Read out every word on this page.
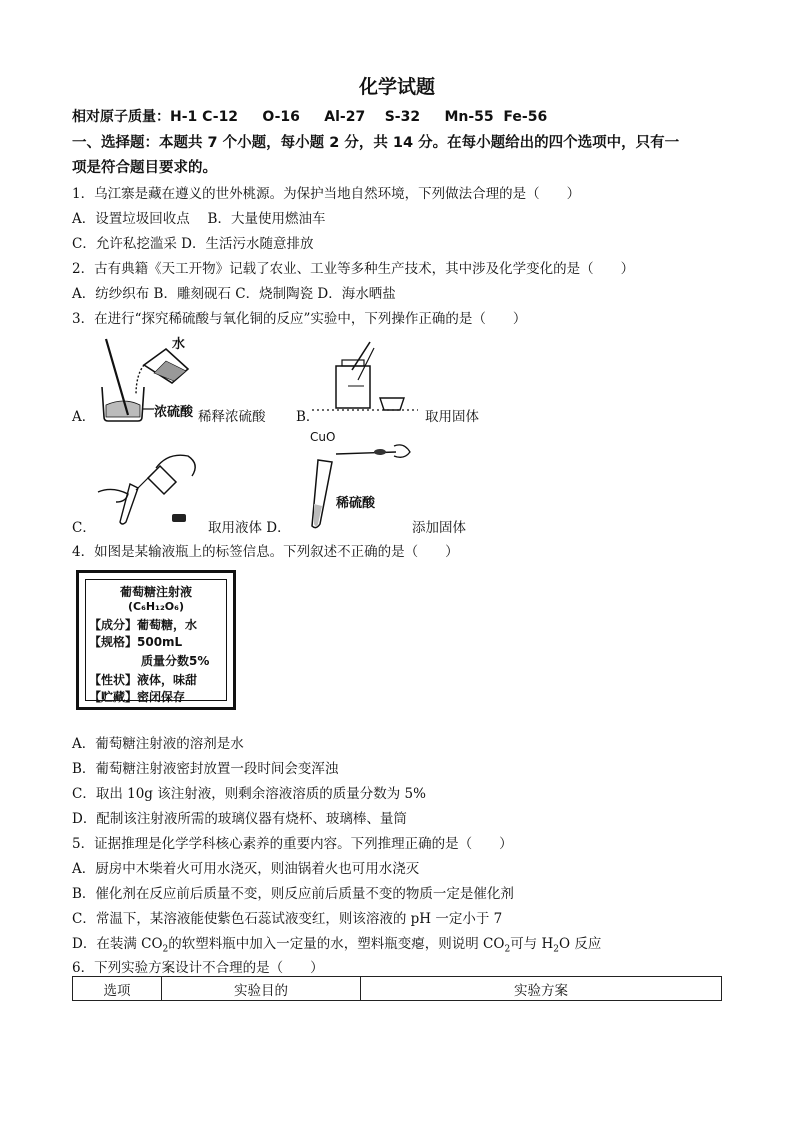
化学试题
相对原子质量：H-1 C-12 O-16 Al-27 S-32 Mn-55 Fe-56
一、选择题：本题共 7 个小题，每小题 2 分，共 14 分。在每小题给出的四个选项中，只有一
项是符合题目要求的。
1．乌江寨是藏在遵义的世外桃源。为保护当地自然环境，下列做法合理的是（　　）
A．设置垃圾回收点　 B．大量使用燃油车
C．允许私挖滥采 D．生活污水随意排放
2．古有典籍《天工开物》记载了农业、工业等多种生产技术，其中涉及化学变化的是（　　）
A．纺纱织布 B．雕刻砚石 C．烧制陶瓷 D．海水晒盐
3．在进行“探究稀硫酸与氧化铜的反应”实验中，下列操作正确的是（　　）
水
浓硫酸
A．	稀释浓硫酸 B．	取用固体
C．	取用液体 D．
CuO
稀硫酸
添加固体
4．如图是某输液瓶上的标签信息。下列叙述不正确的是（　　）
葡萄糖注射液
(C₆H₁₂O₆)
【成分】葡萄糖，水
【规格】500mL
质量分数5%
【性状】液体，味甜
【贮藏】密闭保存
A．葡萄糖注射液的溶剂是水
B．葡萄糖注射液密封放置一段时间会变浑浊
C．取出 10g 该注射液，则剩余溶液溶质的质量分数为 5%
D．配制该注射液所需的玻璃仪器有烧杯、玻璃棒、量筒
5．证据推理是化学学科核心素养的重要内容。下列推理正确的是（　　）
A．厨房中木柴着火可用水浇灭，则油锅着火也可用水浇灭
B．催化剂在反应前后质量不变，则反应前后质量不变的物质一定是催化剂
C．常温下，某溶液能使紫色石蕊试液变红，则该溶液的 pH 一定小于 7
D．在装满 $CO_2$的软塑料瓶中加入一定量的水，塑料瓶变瘪，则说明 $CO_2$可与 $H_2O$ 反应
6．下列实验方案设计不合理的是（　　）
选项	实验目的	实验方案
